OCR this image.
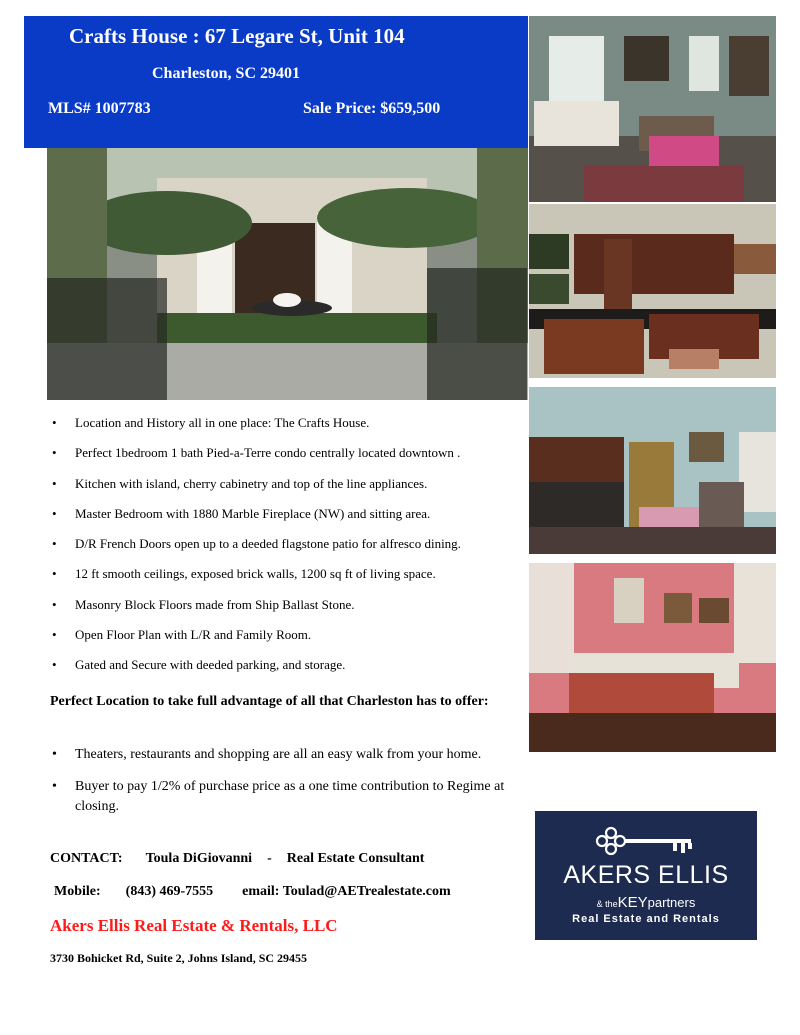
Crafts House : 67 Legare St, Unit 104
Charleston, SC 29401
MLS# 1007783	Sale Price: $659,500
• Location and History all in one place: The Crafts House.
• Perfect 1bedroom 1 bath Pied-a-Terre condo centrally located downtown .
• Kitchen with island, cherry cabinetry and top of the line appliances.
• Master Bedroom with 1880 Marble Fireplace (NW) and sitting area.
• D/R French Doors open up to a deeded flagstone patio for alfresco dining.
• 12 ft smooth ceilings, exposed brick walls, 1200 sq ft of living space.
• Masonry Block Floors made from Ship Ballast Stone.
• Open Floor Plan with L/R and Family Room.
• Gated and Secure with deeded parking, and storage.
Perfect Location to take full advantage of all that Charleston has to offer:
• Theaters, restaurants and shopping are all an easy walk from your home.
• Buyer to pay 1/2% of purchase price as a one time contribution to Regime at closing.
CONTACT: Toula DiGiovanni - Real Estate Consultant
Mobile: (843) 469-7555 email: Toulad@AETrealestate.com
Akers Ellis Real Estate & Rentals, LLC
3730 Bohicket Rd, Suite 2, Johns Island, SC 29455
AKERS ELLIS
& theKEYpartners
Real Estate and Rentals
